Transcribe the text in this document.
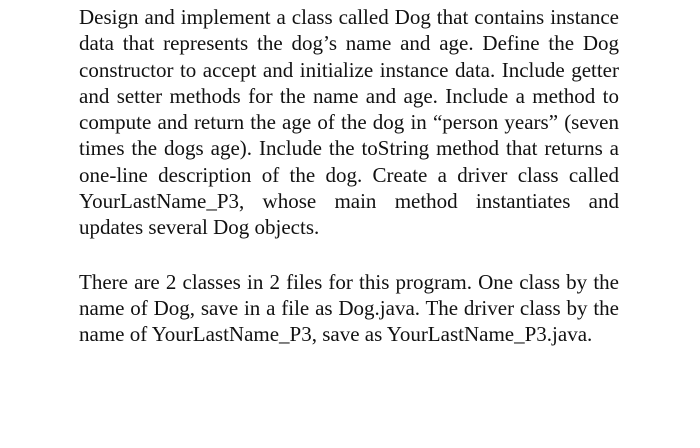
Design and implement a class called Dog that contains instance data that represents the dog’s name and age. Define the Dog constructor to accept and initialize instance data. Include getter and setter methods for the name and age. Include a method to compute and return the age of the dog in “person years” (seven times the dogs age). Include the toString method that returns a one-line description of the dog. Create a driver class called YourLastName_P3, whose main method instantiates and updates several Dog objects.

There are 2 classes in 2 files for this program. One class by the name of Dog, save in a file as Dog.java. The driver class by the name of YourLastName_P3, save as YourLastName_P3.java.
